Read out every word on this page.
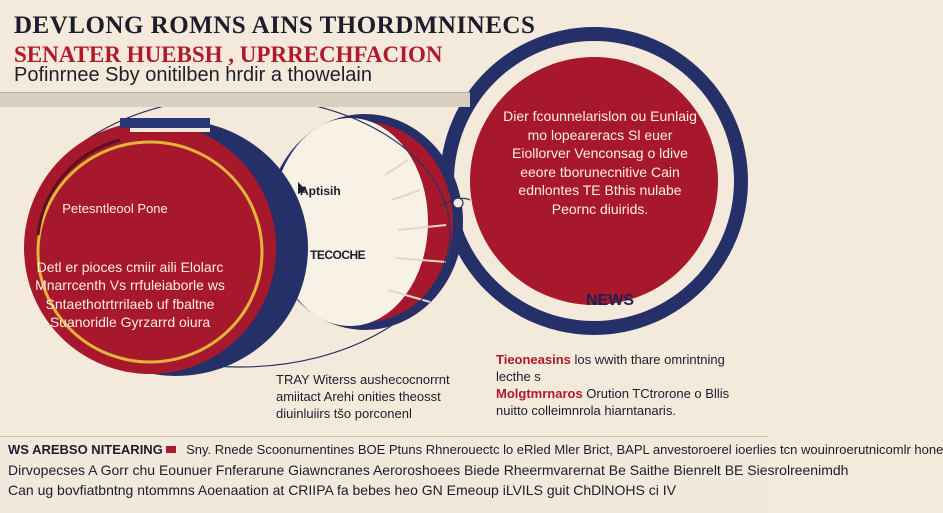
DEVLONG ROMNS AINS THORDMNINECS
SENATER HUEBSH , UPRRECHFACION

Pofinrnee Sby onitilben hrdir a thowelain

Petesntleool Pone
Detl er pioces cmiir aili Elolarc Mnarrcenth Vs rrfuleiaborle ws Sntaethotrtrrilaeb uf fbaltne Suanoridle Gyrzarrd oiura
Aptisih
TECOCHE
Dier fcounnelarislon ou Eunlaig mo lopeareracs Sl euer Eiollorver Venconsag o ldive eeore tborunecnitive Cain ednlontes TE Bthis nulabe Peornc diuirids.
NEWS
TRAY Witerss aushecocnorrnt amiitact Arehi onities theosst diuinluiirs tšo porconenl
Tieoneasins los wwith thare omrintning lecthe s
Molgtmrnaros Orution TCtrorone o Bllis
nuitto colleimnrola hiarntanaris.
WS AREBSO NITEARING Sny. Rnede Scoonurnentines BOE Ptuns Rhnerouectc lo eRled Mler Brict, BAPL anvestoroerel ioerlies tcn wouinroerutnicomlr hone
Dirvopecses A Gorr chu Eounuer Fnferarune Giawncranes Aeroroshoees Biede Rheermvarernat Be Saithe Bienrelt BE Siesrolreenimdh
Can ug bovfiatbntng ntommns Aoenaation at CRIIPA fa bebes heo GN Emeoup iLVILS guit ChDlNOHS ci IV
